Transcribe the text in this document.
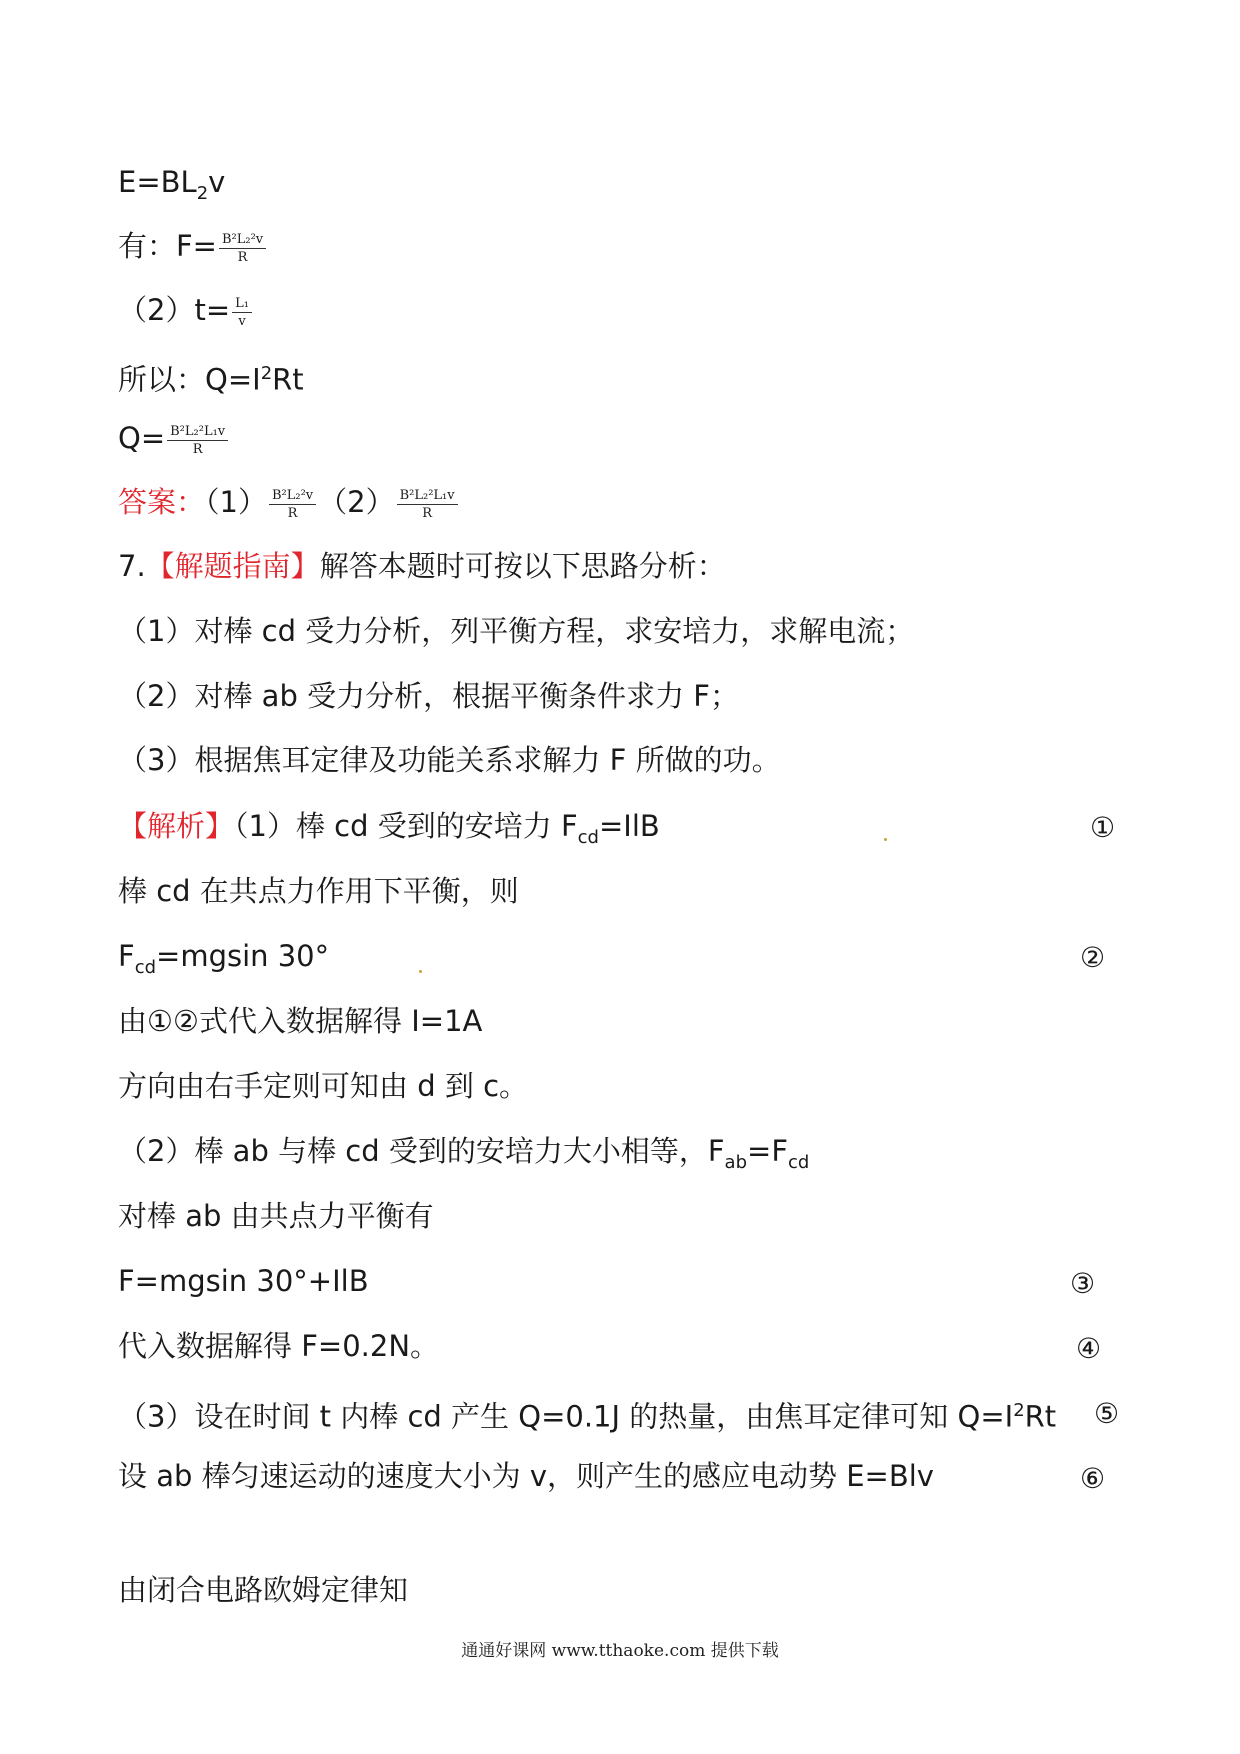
$E=BL_2v$
有：$F= \frac{\text{B²L₂²v}}{R}$
$(2)t= \frac{\text{L₁}}{v}$
所以：$Q=I^2Rt$
$Q= \frac{\text{B²L₂²L₁v}}{R}$
答案：$(1) \frac{\text{B²L₂²v}}{R} (2) \frac{\text{B²L₂²L₁v}}{R}$
7.【解题指南】解答本题时可按以下思路分析：
（1）对棒 cd 受力分析，列平衡方程，求安培力，求解电流；
（2）对棒 ab 受力分析，根据平衡条件求力 F；
（3）根据焦耳定律及功能关系求解力 F 所做的功。
【解析】（1）棒 cd 受到的安培力 $F_{cd}=IlB$	①
棒 cd 在共点力作用下平衡，则
$F_{cd}=mgsin$ 30°	②
由①②式代入数据解得 I=1A
方向由右手定则可知由 d 到 c。
（2）棒 ab 与棒 cd 受到的安培力大小相等，$F_{ab}=F_{cd}$
对棒 ab 由共点力平衡有
F=mgsin 30°+IlB	③
代入数据解得 F=0.2N。	④
（3）设在时间 t 内棒 cd 产生 Q=0.1J 的热量，由焦耳定律可知 $Q=I^2Rt$ ⑤
设 ab 棒匀速运动的速度大小为 v，则产生的感应电动势 E=Blv	⑥
由闭合电路欧姆定律知
通通好课网 www.tthaoke.com 提供下载
